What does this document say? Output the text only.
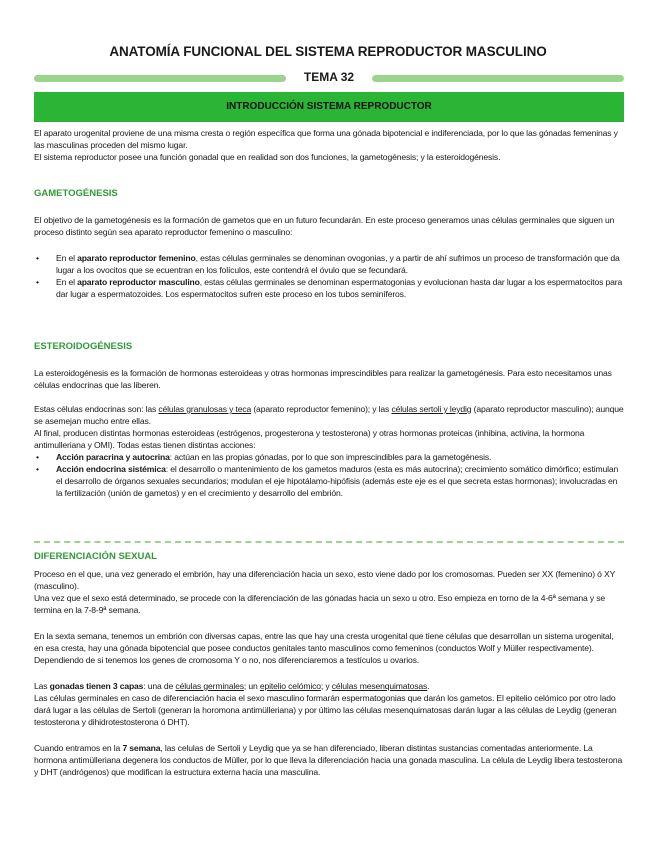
ANATOMÍA FUNCIONAL DEL SISTEMA REPRODUCTOR MASCULINO
TEMA 32
INTRODUCCIÓN SISTEMA REPRODUCTOR

El aparato urogenital proviene de una misma cresta o región específica que forma una gónada bipotencial e indiferenciada, por lo que las gónadas femeninas y las masculinas proceden del mismo lugar.

El sistema reproductor posee una función gonadal que en realidad son dos funciones, la gametogénesis; y la esteroidogénesis.

GAMETOGÉNESIS

El objetivo de la gametogénesis es la formación de gametos que en un futuro fecundarán. En este proceso generamos unas células germinales que siguen un proceso distinto según sea aparato reproductor femenino o masculino:

• En el aparato reproductor femenino, estas células germinales se denominan ovogonias, y a partir de ahí sufrimos un proceso de transformación que da lugar a los ovocitos que se ecuentran en los folículos, este contendrá el óvulo que se fecundará.

• En el aparato reproductor masculino, estas células germinales se denominan espermatogonias y evolucionan hasta dar lugar a los espermatocitos para dar lugar a espermatozoides. Los espermatocitos sufren este proceso en los tubos seminíferos.

ESTEROIDOGÉNESIS

La esteroidogénesis es la formación de hormonas esteroideas y otras hormonas imprescindibles para realizar la gametogénesis. Para esto necesitamos unas células endocrinas que las liberen.

Estas células endocrinas son: las células granulosas y teca (aparato reproductor femenino); y las células sertoli y leydig (aparato reproductor masculino); aunque se asemejan mucho entre ellas.

Al final, producen distintas hormonas esteroideas (estrógenos, progesterona y testosterona) y otras hormonas proteicas (inhibina, activina, la hormona antimulleriana y OMI). Todas estas tienen distintas acciones:

• Acción paracrina y autocrina: actúan en las propias gónadas, por lo que son imprescindibles para la gametogénesis.

• Acción endocrina sistémica: el desarrollo o mantenimiento de los gametos maduros (esta es más autocrina); crecimiento somático dimórfico; estimulan el desarrollo de órganos sexuales secundarios; modulan el eje hipotálamo-hipófisis (además este eje es el que secreta estas hormonas); involucradas en la fertilización (unión de gametos) y en el crecimiento y desarrollo del embrión.

DIFERENCIACIÓN SEXUAL

Proceso en el que, una vez generado el embrión, hay una diferenciación hacia un sexo, esto viene dado por los cromosomas. Pueden ser XX (femenino) ó XY (masculino).

Una vez que el sexo está determinado, se procede con la diferenciación de las gónadas hacia un sexo u otro. Eso empieza en torno de la 4-6ª semana y se termina en la 7-8-9ª semana.

En la sexta semana, tenemos un embrión con diversas capas, entre las que hay una cresta urogenital que tiene células que desarrollan un sistema urogenital, en esa cresta, hay una gónada bipotencial que posee conductos genitales tanto masculinos como femeninos (conductos Wolf y Müller respectivamente). Dependiendo de si tenemos los genes de cromosoma Y o no, nos diferenciaremos a testículos u ovarios.

Las gonadas tienen 3 capas: una de células germinales; un epitelio celómico; y células mesenquimatosas.

Las células germinales en caso de diferenciación hacia el sexo masculino formarán espermatogonias que darán los gametos. El epitelio celómico por otro lado dará lugar a las células de Sertoli (generan la horomona antimülleriana) y por último las células mesenquimatosas darán lugar a las células de Leydig (generan testosterona y dihidrotestosterona ó DHT).

Cuando entramos en la 7 semana, las celulas de Sertoli y Leydig que ya se han diferenciado, liberan distintas sustancias comentadas anteriormente. La hormona antimülleriana degenera los conductos de Müller, por lo que lleva la diferenciación hacia una gonada masculina. La célula de Leydig libera testosterona y DHT (andrógenos) que modifican la estructura externa hacia una masculina.
